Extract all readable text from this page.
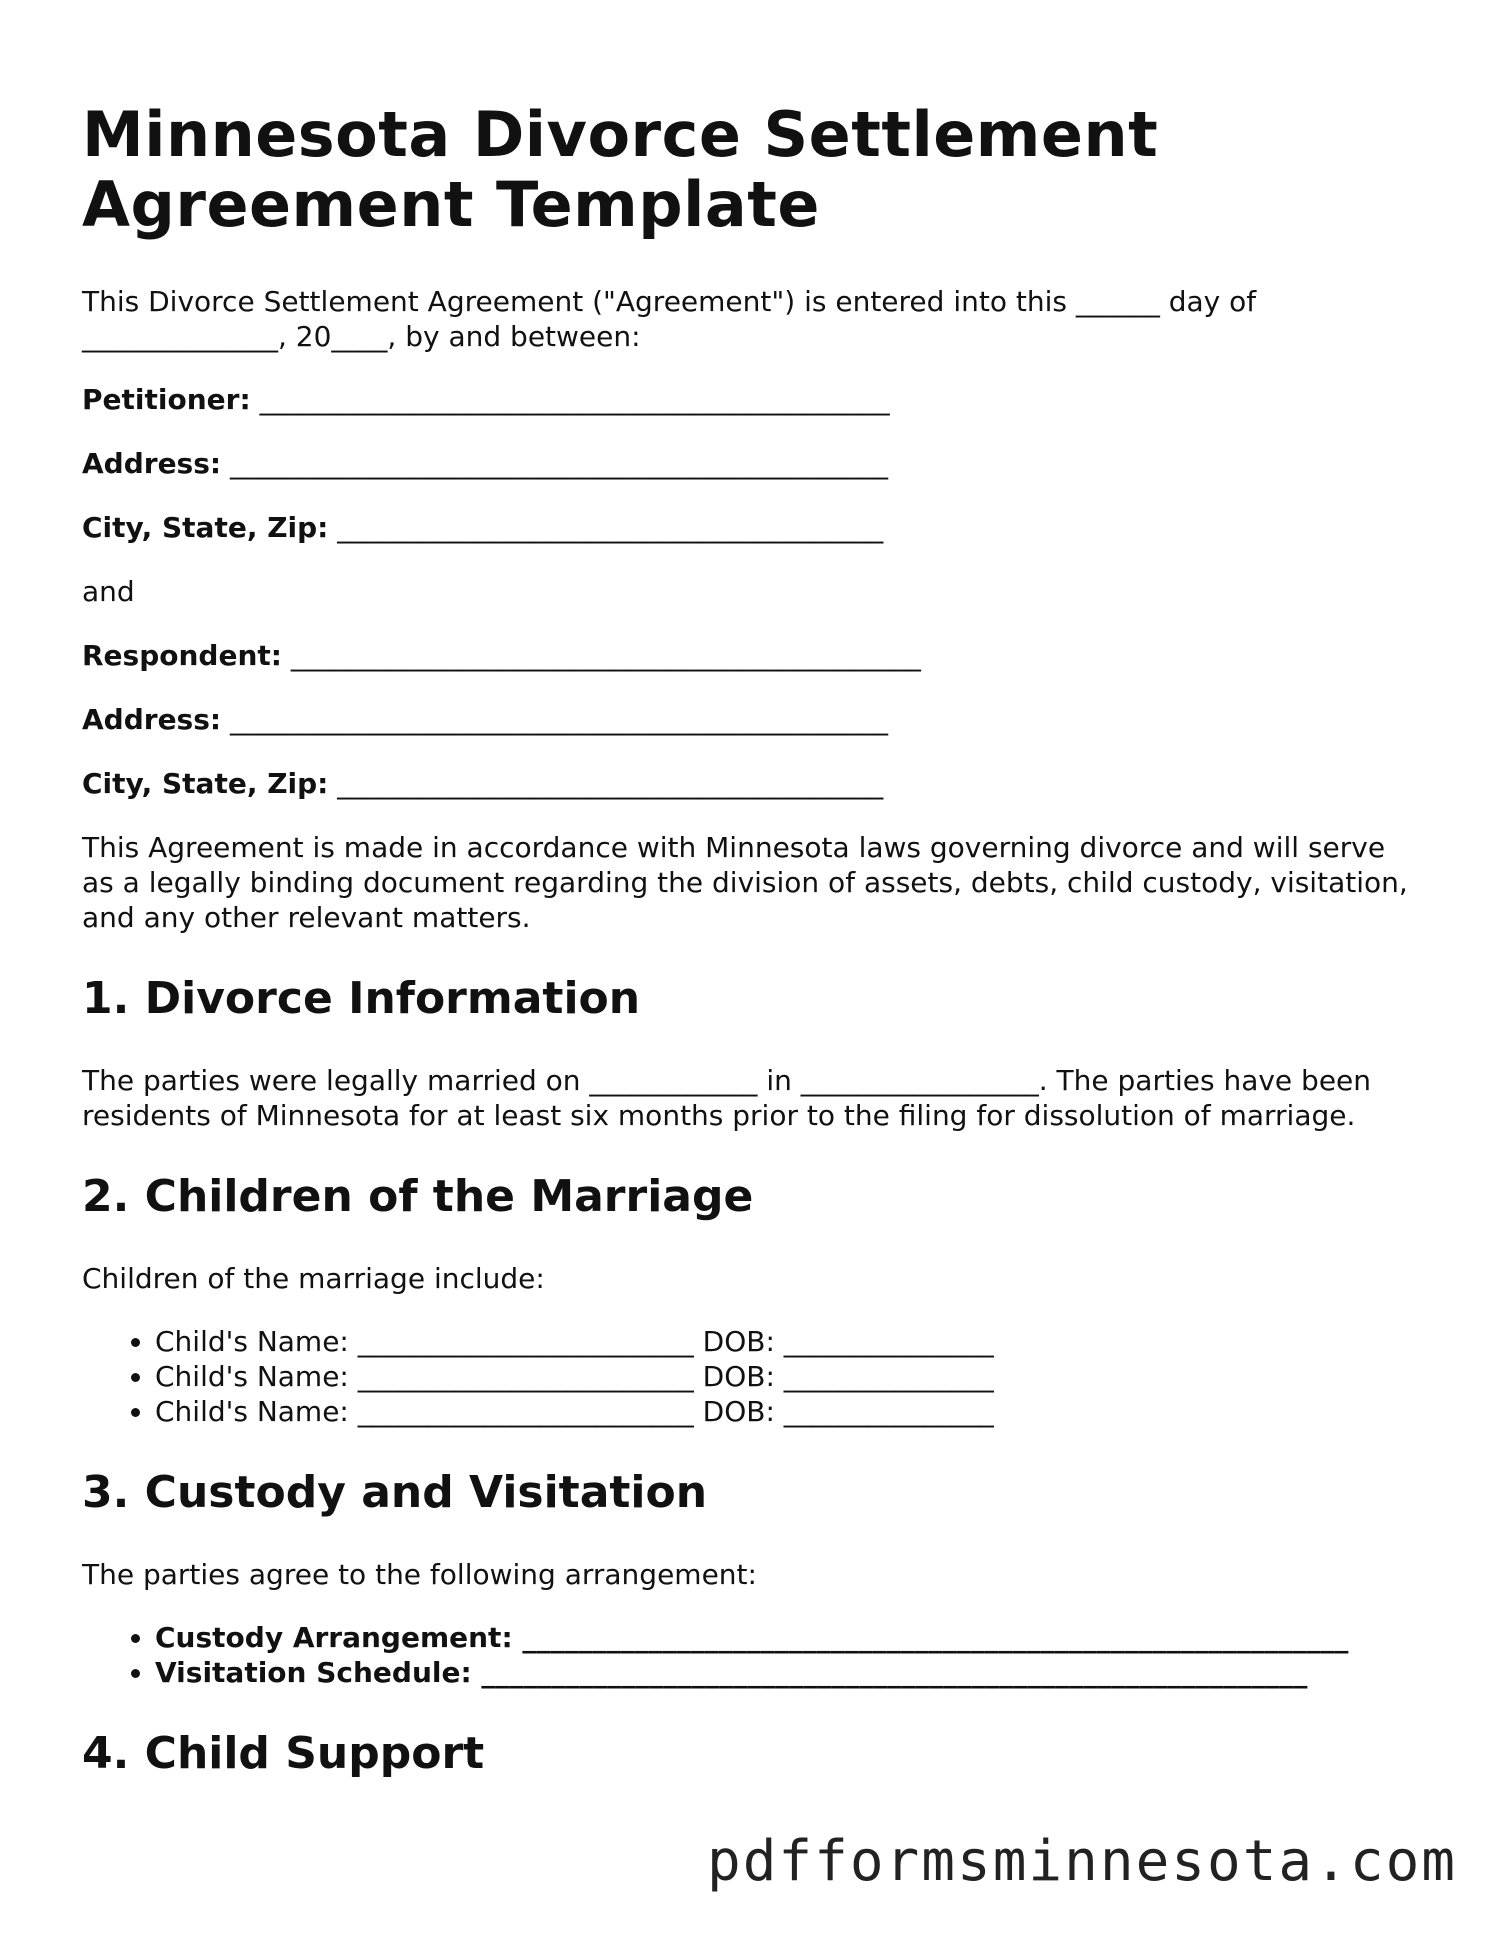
Minnesota Divorce Settlement Agreement Template

This Divorce Settlement Agreement ("Agreement") is entered into this ______ day of ______________, 20____, by and between:

Petitioner: _____________________________________________
Address: _______________________________________________
City, State, Zip: _______________________________________

and

Respondent: _____________________________________________
Address: _______________________________________________
City, State, Zip: _______________________________________

This Agreement is made in accordance with Minnesota laws governing divorce and will serve as a legally binding document regarding the division of assets, debts, child custody, visitation, and any other relevant matters.

1. Divorce Information

The parties were legally married on ____________ in _________________. The parties have been residents of Minnesota for at least six months prior to the filing for dissolution of marriage.

2. Children of the Marriage

Children of the marriage include:

• Child's Name: ________________________ DOB: _______________
• Child's Name: ________________________ DOB: _______________
• Child's Name: ________________________ DOB: _______________
3. Custody and Visitation

The parties agree to the following arrangement:

• Custody Arrangement: ___________________________________________________________
• Visitation Schedule: ___________________________________________________________
4. Child Support
pdfformsminnesota.com
